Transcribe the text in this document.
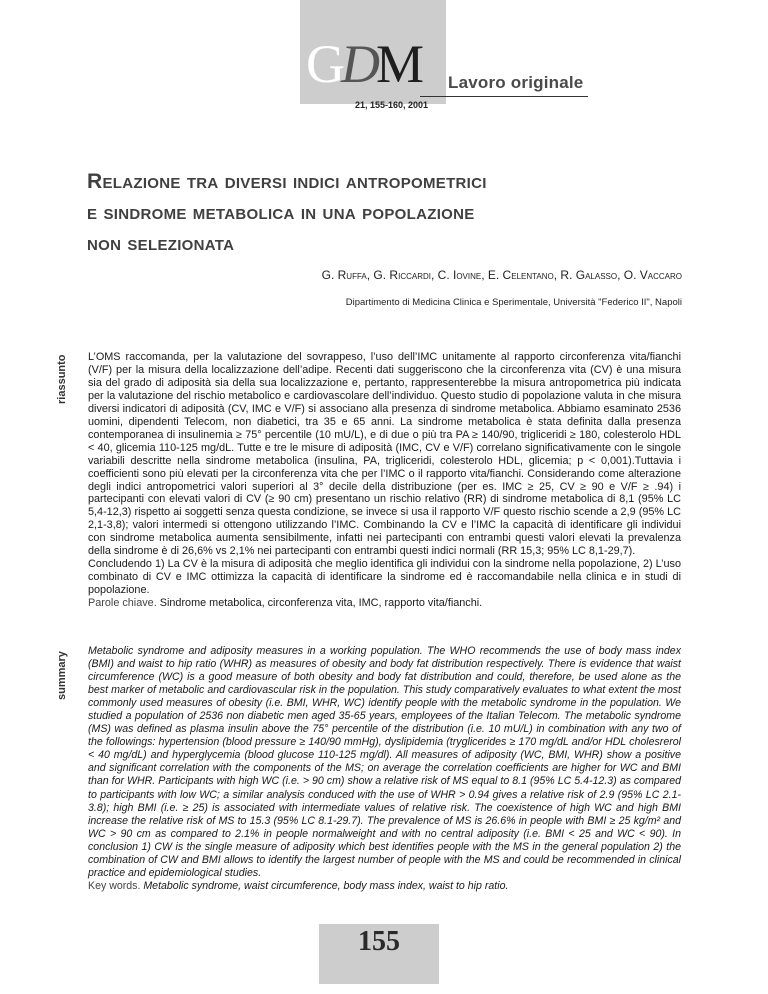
GDM Lavoro originale
21, 155-160, 2001
Relazione tra diversi indici antropometrici
e sindrome metabolica in una popolazione
non selezionata
G. Ruffa, G. Riccardi, C. Iovine, E. Celentano, R. Galasso, O. Vaccaro
Dipartimento di Medicina Clinica e Sperimentale, Università "Federico II", Napoli
riassunto L’OMS raccomanda, per la valutazione del sovrappeso, l’uso dell’IMC unitamente al rapporto circonferenza vita/fianchi (V/F) per la misura della localizzazione dell’adipe. Recenti dati suggeriscono che la circonferenza vita (CV) è una misura sia del grado di adiposità sia della sua localizzazione e, pertanto, rappresenterebbe la misura antropometrica più indicata per la valutazione del rischio metabolico e cardiovascolare dell’individuo. Questo studio di popolazione valuta in che misura diversi indicatori di adiposità (CV, IMC e V/F) si associano alla presenza di sindrome metabolica. Abbiamo esaminato 2536 uomini, dipendenti Telecom, non diabetici, tra 35 e 65 anni. La sindrome metabolica è stata definita dalla presenza contemporanea di insulinemia ≥ 75° percentile (10 mU/L), e di due o più tra PA ≥ 140/90, trigliceridi ≥ 180, colesterolo HDL < 40, glicemia 110-125 mg/dL. Tutte e tre le misure di adiposità (IMC, CV e V/F) correlano significativamente con le singole variabili descritte nella sindrome metabolica (insulina, PA, trigliceridi, colesterolo HDL, glicemia; p < 0,001).Tuttavia i coefficienti sono più elevati per la circonferenza vita che per l’IMC o il rapporto vita/fianchi. Considerando come alterazione degli indici antropometrici valori superiori al 3° decile della distribuzione (per es. IMC ≥ 25, CV ≥ 90 e V/F ≥ .94) i partecipanti con elevati valori di CV (≥ 90 cm) presentano un rischio relativo (RR) di sindrome metabolica di 8,1 (95% LC 5,4-12,3) rispetto ai soggetti senza questa condizione, se invece si usa il rapporto V/F questo rischio scende a 2,9 (95% LC 2,1-3,8); valori intermedi si ottengono utilizzando l’IMC. Combinando la CV e l’IMC la capacità di identificare gli individui con sindrome metabolica aumenta sensibilmente, infatti nei partecipanti con entrambi questi valori elevati la prevalenza della sindrome è di 26,6% vs 2,1% nei partecipanti con entrambi questi indici normali (RR 15,3; 95% LC 8,1-29,7).
Concludendo 1) La CV è la misura di adiposità che meglio identifica gli individui con la sindrome nella popolazione, 2) L’uso combinato di CV e IMC ottimizza la capacità di identificare la sindrome ed è raccomandabile nella clinica e in studi di popolazione.
Parole chiave. Sindrome metabolica, circonferenza vita, IMC, rapporto vita/fianchi.
summary
Metabolic syndrome and adiposity measures in a working population. The WHO recommends the use of body mass index (BMI) and waist to hip ratio (WHR) as measures of obesity and body fat distribution respectively. There is evidence that waist circumference (WC) is a good measure of both obesity and body fat distribution and could, therefore, be used alone as the best marker of metabolic and cardiovascular risk in the population. This study comparatively evaluates to what extent the most commonly used measures of obesity (i.e. BMI, WHR, WC) identify people with the metabolic syndrome in the population. We studied a population of 2536 non diabetic men aged 35-65 years, employees of the Italian Telecom. The metabolic syndrome (MS) was defined as plasma insulin above the 75° percentile of the distribution (i.e. 10 mU/L) in combination with any two of the followings: hypertension (blood pressure ≥ 140/90 mmHg), dyslipidemia (tryglicerides ≥ 170 mg/dL and/or HDL cholesrerol < 40 mg/dL) and hyperglycemia (blood glucose 110-125 mg/dl). All measures of adiposity (WC, BMI, WHR) show a positive and significant correlation with the components of the MS; on average the correlation coefficients are higher for WC and BMI than for WHR. Participants with high WC (i.e. > 90 cm) show a relative risk of MS equal to 8.1 (95% LC 5.4-12.3) as compared to participants with low WC; a similar analysis conduced with the use of WHR > 0.94 gives a relative risk of 2.9 (95% LC 2.1-3.8); high BMI (i.e. ≥ 25) is associated with intermediate values of relative risk. The coexistence of high WC and high BMI increase the relative risk of MS to 15.3 (95% LC 8.1-29.7). The prevalence of MS is 26.6% in people with BMI ≥ 25 kg/m² and WC > 90 cm as compared to 2.1% in people normalweight and with no central adiposity (i.e. BMI < 25 and WC < 90). In conclusion 1) CW is the single measure of adiposity which best identifies people with the MS in the general population 2) the combination of CW and BMI allows to identify the largest number of people with the MS and could be recommended in clinical practice and epidemiological studies.
Key words. Metabolic syndrome, waist circumference, body mass index, waist to hip ratio.
155
